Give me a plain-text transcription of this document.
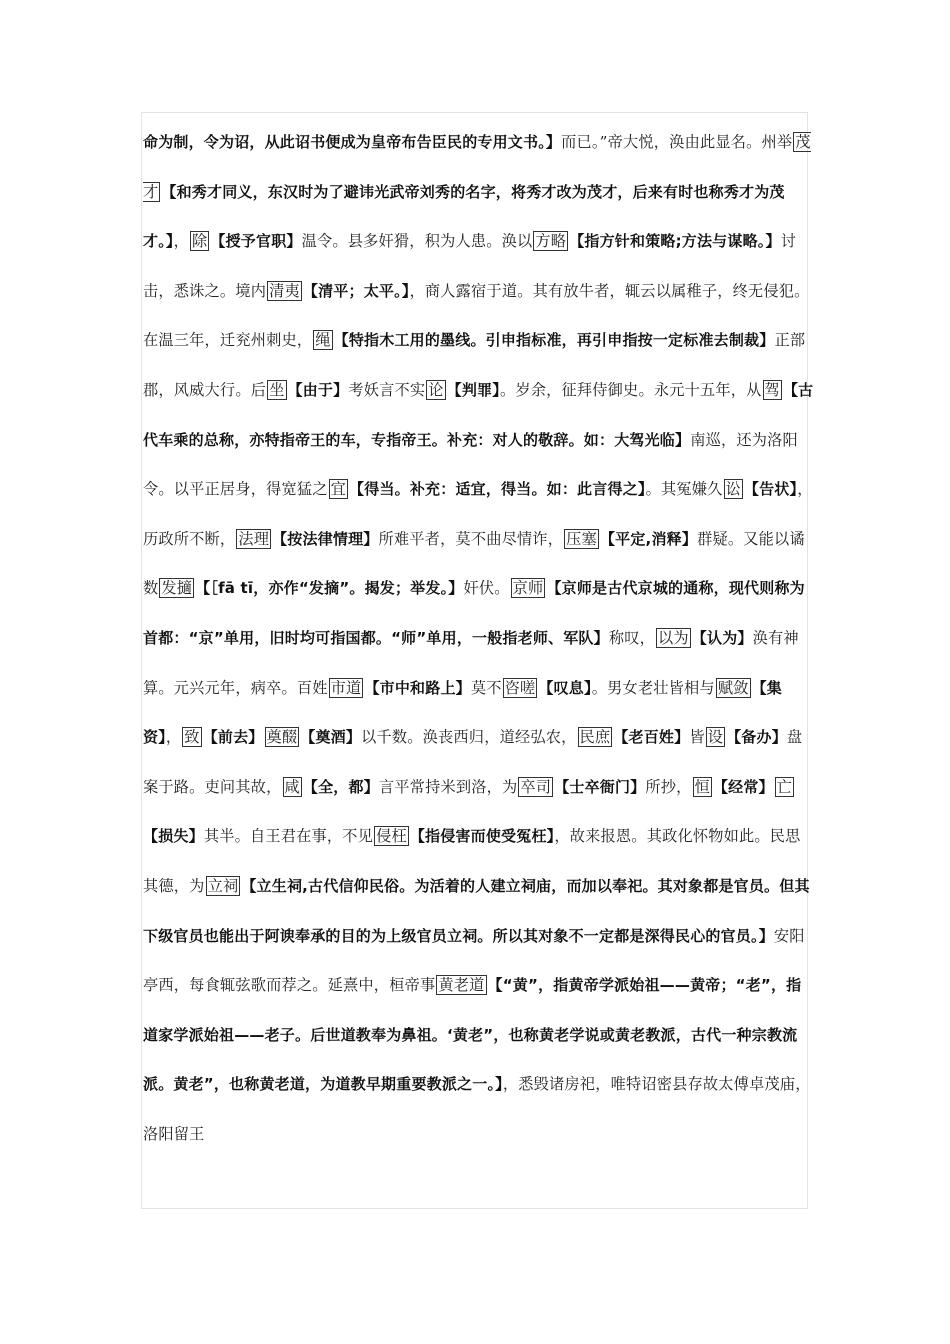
命为制，令为诏，从此诏书便成为皇帝布告臣民的专用文书。】而已。”帝大悦，涣由此显名。州举 茂才 【和秀才同义，东汉时为了避讳光武帝刘秀的名字，将秀才改为茂才，后来有时也称秀才为茂才。】， 除 【授予官职】温令。县多奸猾，积为人患。涣以 方略 【指方针和策略;方法与谋略。】讨击，悉诛之。境内 清夷 【清平；太平。】，商人露宿于道。其有放牛者，辄云以属稚子，终无侵犯。在温三年，迁兖州刺史， 绳 【特指木工用的墨线。引申指标准，再引申指按一定标准去制裁】正部郡，风威大行。后 坐 【由于】考妖言不实 论 【判罪】。岁余，征拜侍御史。永元十五年，从 驾 【古代车乘的总称，亦特指帝王的车，专指帝王。补充：对人的敬辞。如：大驾光临】南巡，还为洛阳令。以平正居身，得宽猛之 宜 【得当。补充：适宜，得当。如：此言得之】。其冤嫌久 讼 【告状】，历政所不断， 法理 【按法律情理】所难平者，莫不曲尽情诈， 压塞 【平定,消释】群疑。又能以谲数 发擿 【［fā tī，亦作“发摘”。揭发；举发。】奸伏。 京师 【京师是古代京城的通称，现代则称为首都：“京”单用，旧时均可指国都。“师”单用，一般指老师、军队】称叹， 以为 【认为】涣有神算。元兴元年，病卒。百姓 市道 【市中和路上】莫不 咨嗟 【叹息】。男女老壮皆相与 赋敛 【集资】， 致 【前去】 奠醊 【奠酒】以千数。涣丧西归，道经弘农， 民庶 【老百姓】皆 设 【备办】盘案于路。吏问其故， 咸 【全，都】言平常持米到洛，为 卒司 【士卒衙门】所抄， 恒 【经常】 亡【损失】其半。自王君在事，不见 侵枉 【指侵害而使受冤枉】，故来报恩。其政化怀物如此。民思其德，为 立祠 【立生祠,古代信仰民俗。为活着的人建立祠庙，而加以奉祀。其对象都是官员。但其下级官员也能出于阿谀奉承的目的为上级官员立祠。所以其对象不一定都是深得民心的官员。】安阳亭西，每食辄弦歌而荐之。延熹中，桓帝事 黄老道 【“黄”，指黄帝学派始祖——黄帝；“老”，指道家学派始祖——老子。后世道教奉为鼻祖。‘黄老”，也称黄老学说或黄老教派，古代一种宗教流派。黄老”，也称黄老道，为道教早期重要教派之一。】，悉毁诸房祀，唯特诏密县存故太傅卓茂庙，洛阳留王
